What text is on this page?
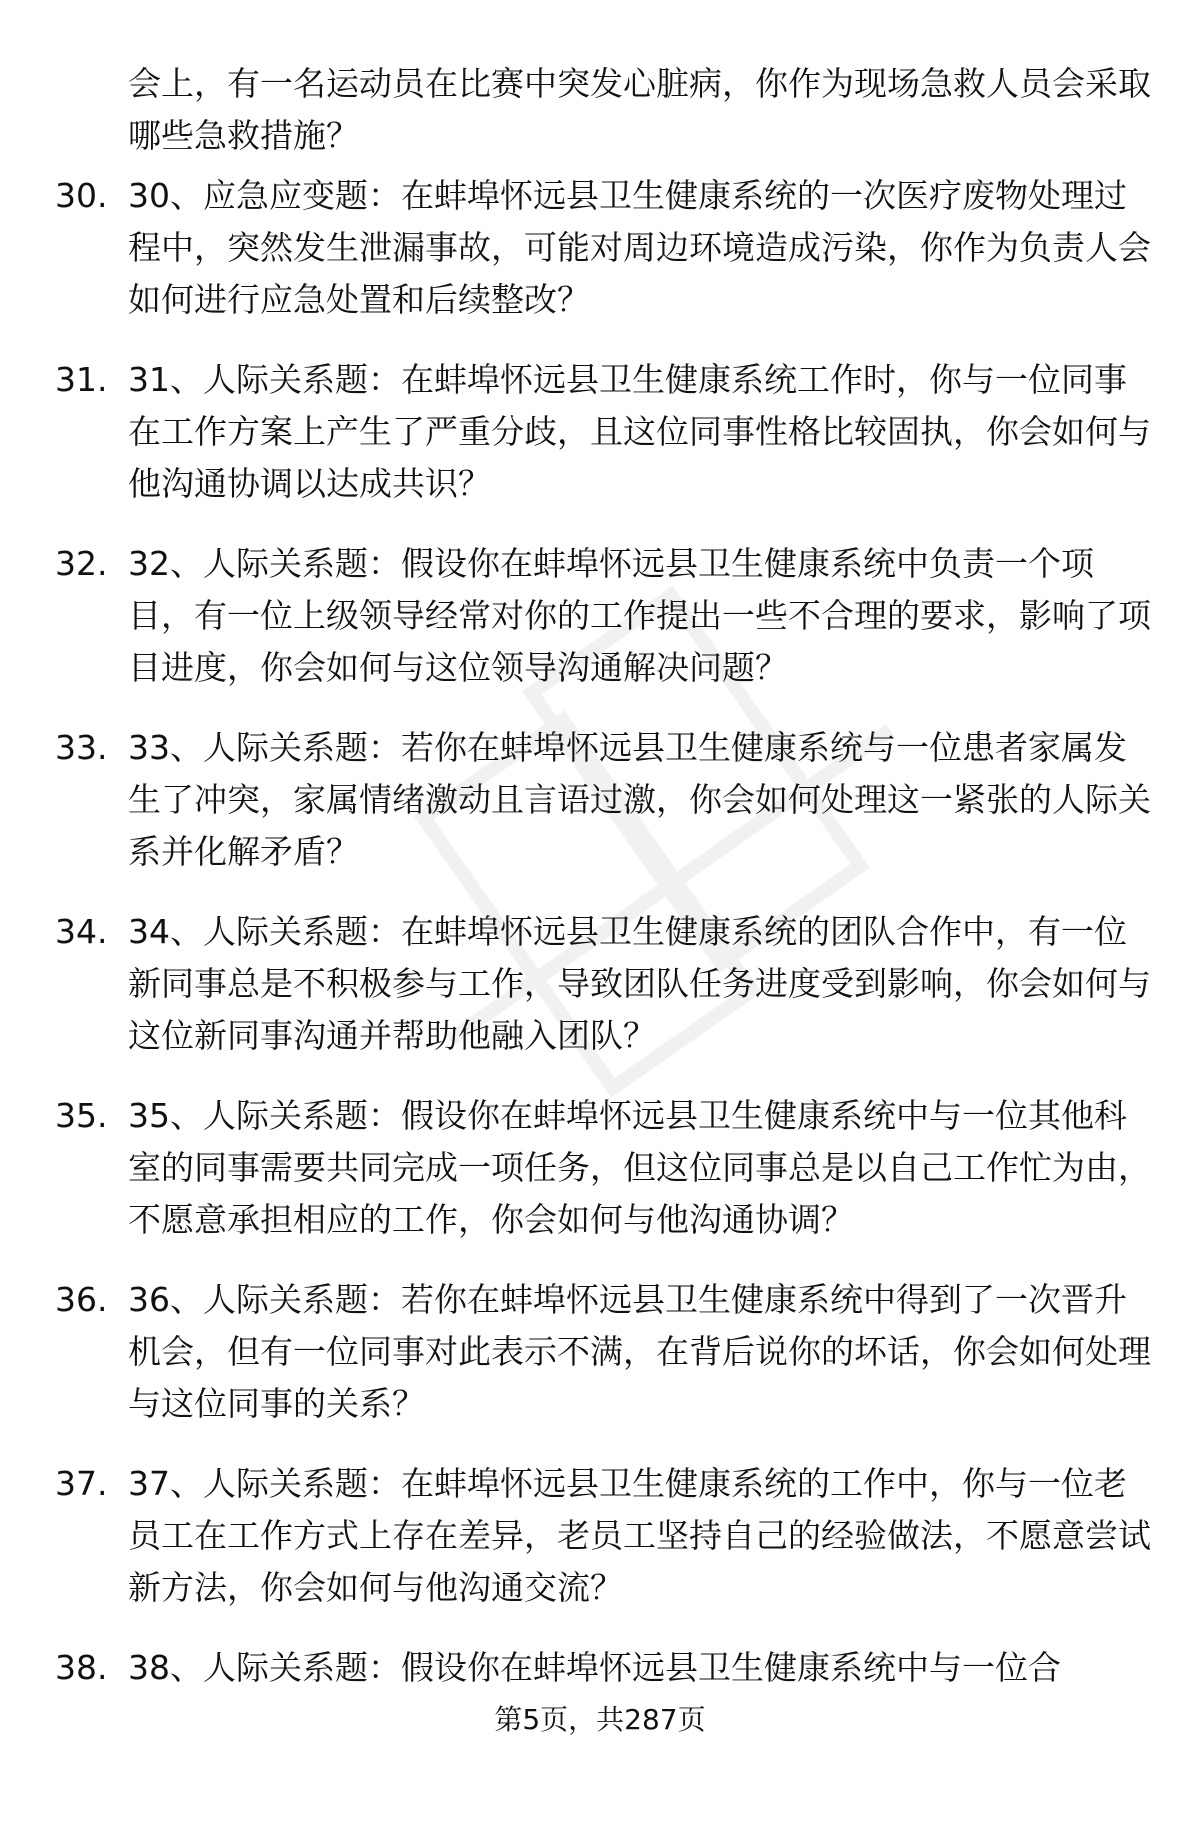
会上，有一名运动员在比赛中突发心脏病，你作为现场急救人员会采取哪些急救措施？
30. 30、应急应变题：在蚌埠怀远县卫生健康系统的一次医疗废物处理过程中，突然发生泄漏事故，可能对周边环境造成污染，你作为负责人会如何进行应急处置和后续整改？
31. 31、人际关系题：在蚌埠怀远县卫生健康系统工作时，你与一位同事在工作方案上产生了严重分歧，且这位同事性格比较固执，你会如何与他沟通协调以达成共识？
32. 32、人际关系题：假设你在蚌埠怀远县卫生健康系统中负责一个项目，有一位上级领导经常对你的工作提出一些不合理的要求，影响了项目进度，你会如何与这位领导沟通解决问题？
33. 33、人际关系题：若你在蚌埠怀远县卫生健康系统与一位患者家属发生了冲突，家属情绪激动且言语过激，你会如何处理这一紧张的人际关系并化解矛盾？
34. 34、人际关系题：在蚌埠怀远县卫生健康系统的团队合作中，有一位新同事总是不积极参与工作，导致团队任务进度受到影响，你会如何与这位新同事沟通并帮助他融入团队？
35. 35、人际关系题：假设你在蚌埠怀远县卫生健康系统中与一位其他科室的同事需要共同完成一项任务，但这位同事总是以自己工作忙为由，不愿意承担相应的工作，你会如何与他沟通协调？
36. 36、人际关系题：若你在蚌埠怀远县卫生健康系统中得到了一次晋升机会，但有一位同事对此表示不满，在背后说你的坏话，你会如何处理与这位同事的关系？
37. 37、人际关系题：在蚌埠怀远县卫生健康系统的工作中，你与一位老员工在工作方式上存在差异，老员工坚持自己的经验做法，不愿意尝试新方法，你会如何与他沟通交流？
38. 38、人际关系题：假设你在蚌埠怀远县卫生健康系统中与一位合
第5页，共287页
